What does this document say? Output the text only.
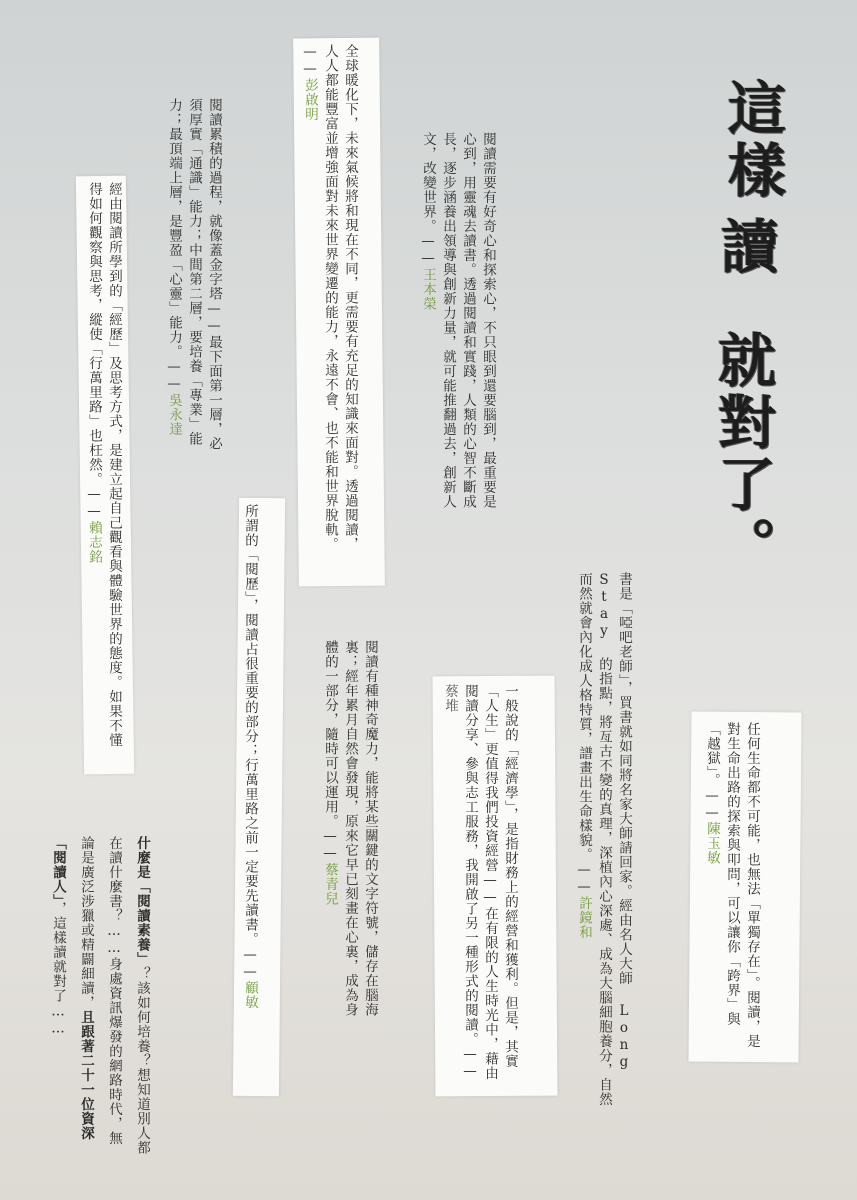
這樣
讀
就對了。

閱讀需要有好奇心和探索心，不只眼到還要腦到，最重要是心到，用靈魂去讀書。透過閱讀和實踐，人類的心智不斷成長，逐步涵養出領導與創新力量，就可能推翻過去，創新人文，改變世界。——王本榮

全球暖化下，未來氣候將和現在不同，更需要有充足的知識來面對。透過閱讀，人人都能豐富並增強面對未來世界變遷的能力，永遠不會、也不能和世界脫軌。——彭啟明

閱讀累積的過程，就像蓋金字塔——最下面第一層，必須厚實「通識」能力；中間第二層，要培養「專業」能力；最頂端上層，是豐盈「心靈」能力。——吳永達

經由閱讀所學到的「經歷」及思考方式，是建立起自己觀看與體驗世界的態度。如果不懂得如何觀察與思考，縱使「行萬里路」也枉然。——賴志銘

書是「啞吧老師」，買書就如同將名家大師請回家。經由名人大師 Long Stay 的指點，將亙古不變的真理，深植內心深處、成為大腦細胞養分，自然而然就會內化成人格特質，譜畫出生命樣貌。——許鏡和	任何生命都不可能，也無法「單獨存在」。閱讀，是對生命出路的探索與叩問，可以讓你「跨界」與「越獄」。——陳玉敏

一般說的「經濟學」，是指財務上的經營和獲利。但是，其實「人生」更值得我們投資經營——在有限的人生時光中，藉由閱讀分享、參與志工服務，我開啟了另一種形式的閱讀。——蔡堆

閱讀有種神奇魔力，能將某些關鍵的文字符號，儲存在腦海裏；經年累月自然會發現，原來它早已刻畫在心裏，成為身體的一部分，隨時可以運用。——蔡青兒

所謂的「閱歷」，閱讀占很重要的部分；行萬里路之前一定要先讀書。——顧敏

什麼是「閱讀素養」？該如何培養？想知道別人都在讀什麼書？……身處資訊爆發的網路時代，無論是廣泛涉獵或精闢細讀，且跟著二十一位資深「閱讀人」，這樣讀就對了……
